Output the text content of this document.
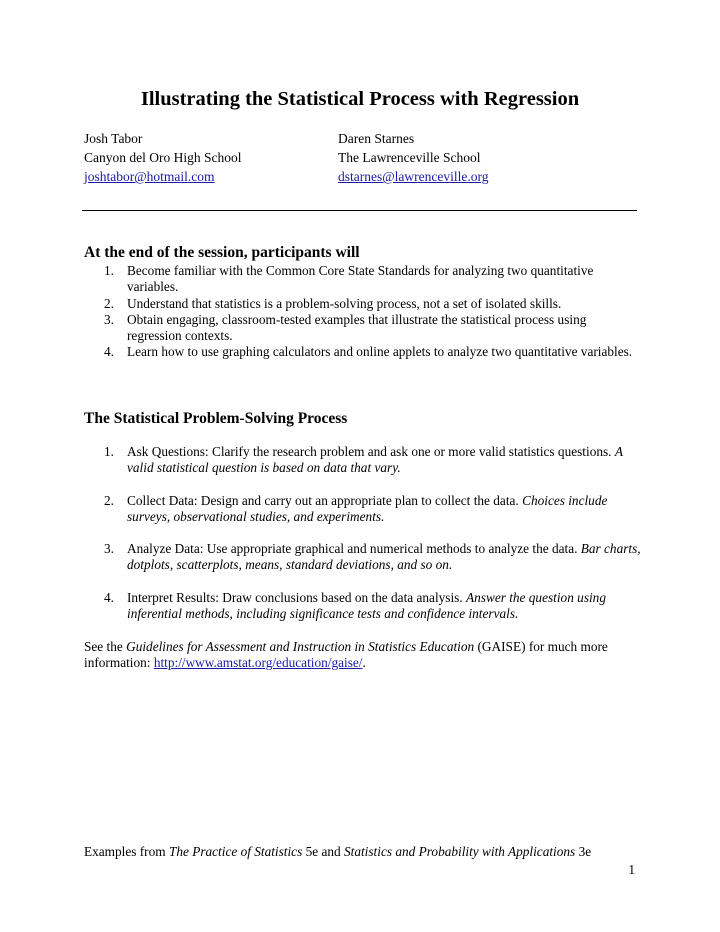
Illustrating the Statistical Process with Regression
Josh Tabor
Canyon del Oro High School
joshtabor@hotmail.com
Daren Starnes
The Lawrenceville School
dstarnes@lawrenceville.org
At the end of the session, participants will
1. Become familiar with the Common Core State Standards for analyzing two quantitative variables.
2. Understand that statistics is a problem-solving process, not a set of isolated skills.
3. Obtain engaging, classroom-tested examples that illustrate the statistical process using regression contexts.
4. Learn how to use graphing calculators and online applets to analyze two quantitative variables.
The Statistical Problem-Solving Process
1. Ask Questions: Clarify the research problem and ask one or more valid statistics questions. A valid statistical question is based on data that vary.
2. Collect Data: Design and carry out an appropriate plan to collect the data. Choices include surveys, observational studies, and experiments.
3. Analyze Data: Use appropriate graphical and numerical methods to analyze the data. Bar charts, dotplots, scatterplots, means, standard deviations, and so on.
4. Interpret Results: Draw conclusions based on the data analysis. Answer the question using inferential methods, including significance tests and confidence intervals.
See the Guidelines for Assessment and Instruction in Statistics Education (GAISE) for much more information: http://www.amstat.org/education/gaise/.
Examples from The Practice of Statistics 5e and Statistics and Probability with Applications 3e
1
